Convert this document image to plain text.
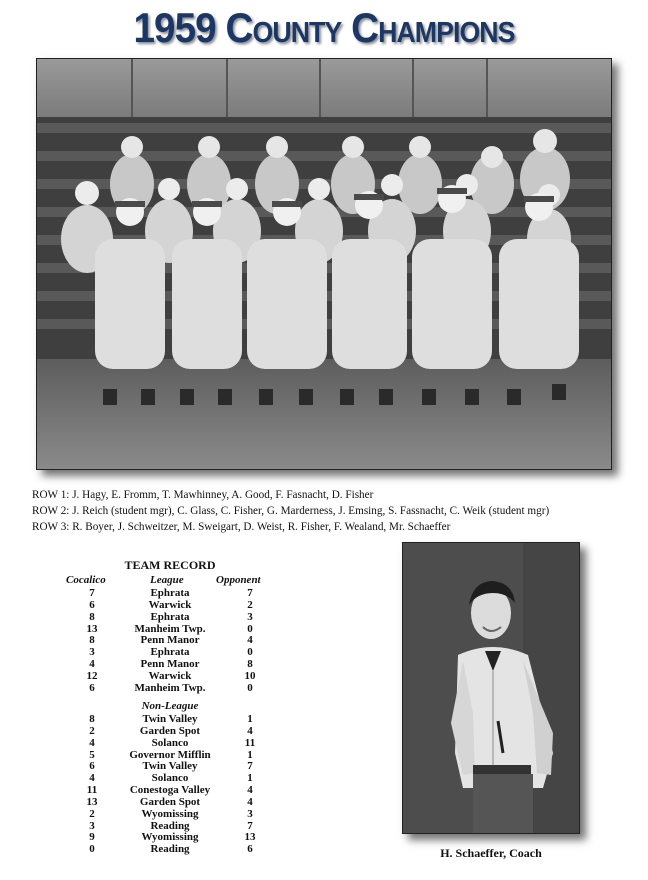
1959 County Champions
ROW 1: J. Hagy, E. Fromm, T. Mawhinney, A. Good, F. Fasnacht, D. Fisher
ROW 2: J. Reich (student mgr), C. Glass, C. Fisher, G. Marderness, J. Emsing, S. Fassnacht, C. Weik (student mgr)
ROW 3: R. Boyer, J. Schweitzer, M. Sweigart, D. Weist, R. Fisher, F. Wealand, Mr. Schaeffer
TEAM RECORD
Cocalico	League	Opponent
7	Ephrata	7
6	Warwick	2
8	Ephrata	3
13	Manheim Twp.	0
8	Penn Manor	4
3	Ephrata	0
4	Penn Manor	8
12	Warwick	10
6	Manheim Twp.	0
Non-League
8	Twin Valley	1
2	Garden Spot	4
4	Solanco	11
5	Governor Mifflin	1
6	Twin Valley	7
4	Solanco	1
11	Conestoga Valley	4
13	Garden Spot	4
2	Wyomissing	3
3	Reading	7
9	Wyomissing	13
0	Reading	6	H. Schaeffer, Coach
